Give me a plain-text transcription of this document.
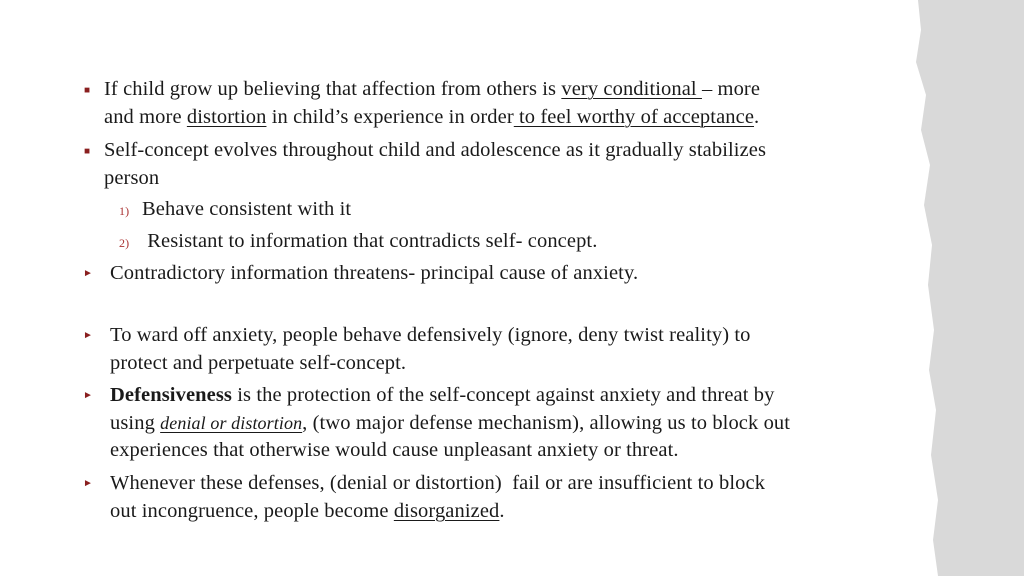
■ If child grow up believing that affection from others is very conditional – more
and more distortion in child’s experience in order to feel worthy of acceptance.
■ Self-concept evolves throughout child and adolescence as it gradually stabilizes
person
1) Behave consistent with it
2) Resistant to information that contradicts self- concept.
► Contradictory information threatens- principal cause of anxiety.
► To ward off anxiety, people behave defensively (ignore, deny twist reality) to
protect and perpetuate self-concept.
► Defensiveness is the protection of the self-concept against anxiety and threat by
using denial or distortion, (two major defense mechanism), allowing us to block out
experiences that otherwise would cause unpleasant anxiety or threat.
► Whenever these defenses, (denial or distortion)  fail or are insufficient to block
out incongruence, people become disorganized.
